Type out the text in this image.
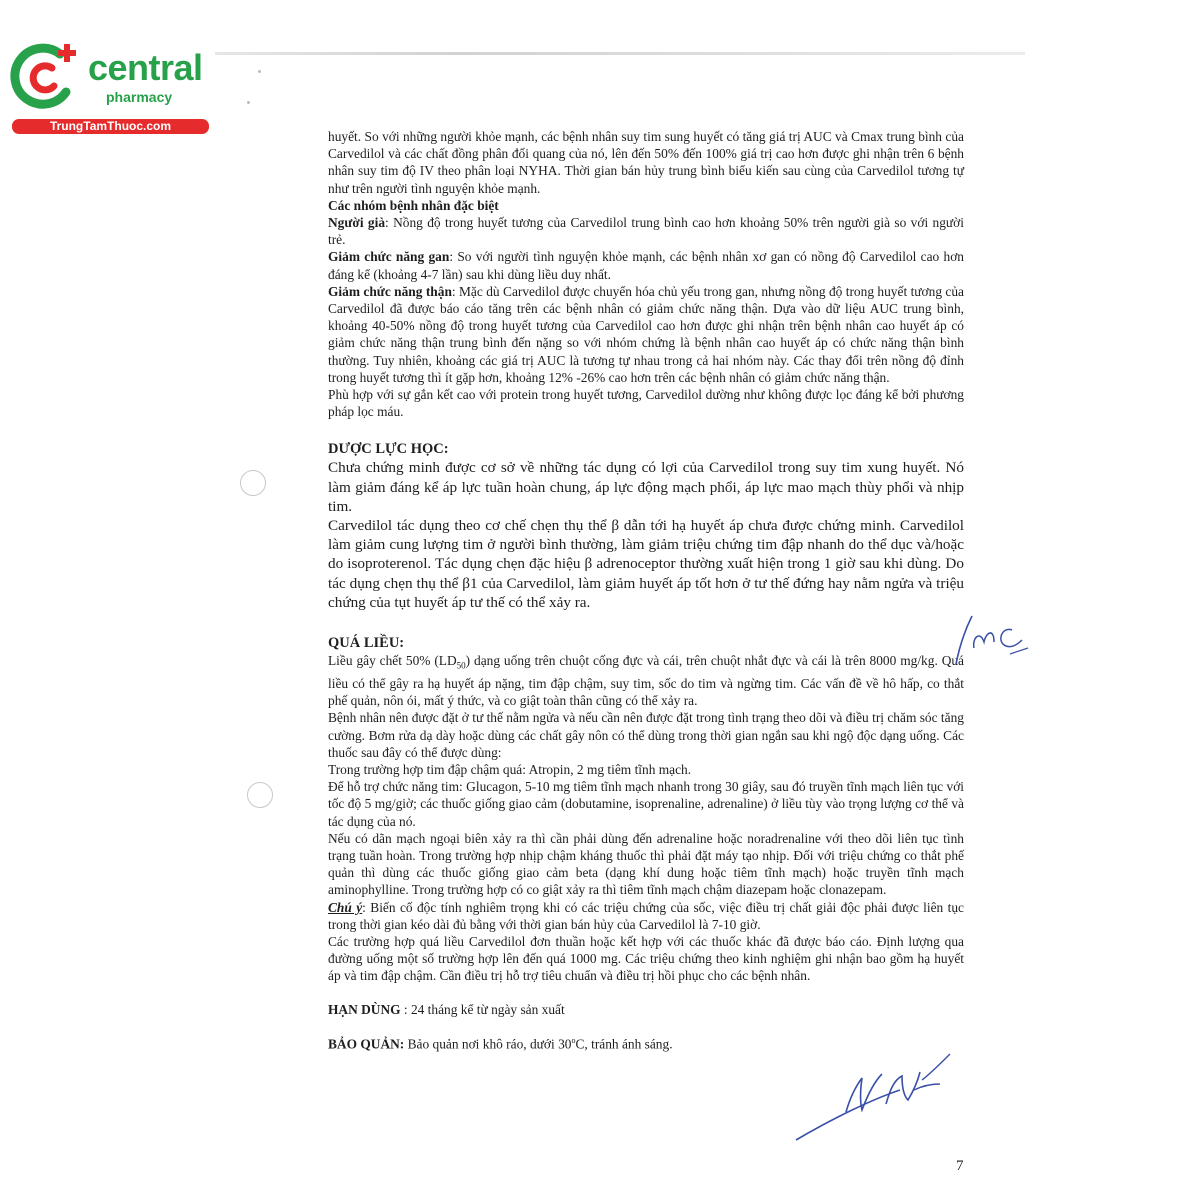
central
pharmacy
TrungTamThuoc.com

huyết. So với những người khỏe mạnh, các bệnh nhân suy tim sung huyết có tăng giá trị AUC và Cmax trung bình của Carvedilol và các chất đồng phân đối quang của nó, lên đến 50% đến 100% giá trị cao hơn được ghi nhận trên 6 bệnh nhân suy tim độ IV theo phân loại NYHA. Thời gian bán hủy trung bình biểu kiến sau cùng của Carvedilol tương tự như trên người tình nguyện khỏe mạnh.

Các nhóm bệnh nhân đặc biệt

Người già: Nồng độ trong huyết tương của Carvedilol trung bình cao hơn khoảng 50% trên người già so với người trẻ.

Giảm chức năng gan: So với người tình nguyện khỏe mạnh, các bệnh nhân xơ gan có nồng độ Carvedilol cao hơn đáng kể (khoảng 4-7 lần) sau khi dùng liều duy nhất.

Giảm chức năng thận: Mặc dù Carvedilol được chuyển hóa chủ yếu trong gan, nhưng nồng độ trong huyết tương của Carvedilol đã được báo cáo tăng trên các bệnh nhân có giảm chức năng thận. Dựa vào dữ liệu AUC trung bình, khoảng 40-50% nồng độ trong huyết tương của Carvedilol cao hơn được ghi nhận trên bệnh nhân cao huyết áp có giảm chức năng thận trung bình đến nặng so với nhóm chứng là bệnh nhân cao huyết áp có chức năng thận bình thường. Tuy nhiên, khoảng các giá trị AUC là tương tự nhau trong cả hai nhóm này. Các thay đổi trên nồng độ đỉnh trong huyết tương thì ít gặp hơn, khoảng 12% -26% cao hơn trên các bệnh nhân có giảm chức năng thận.

Phù hợp với sự gắn kết cao với protein trong huyết tương, Carvedilol dường như không được lọc đáng kể bởi phương pháp lọc máu.

DƯỢC LỰC HỌC:

Chưa chứng minh được cơ sở về những tác dụng có lợi của Carvedilol trong suy tim xung huyết. Nó làm giảm đáng kể áp lực tuần hoàn chung, áp lực động mạch phổi, áp lực mao mạch thùy phổi và nhịp tim.

Carvedilol tác dụng theo cơ chế chẹn thụ thể β dẫn tới hạ huyết áp chưa được chứng minh. Carvedilol làm giảm cung lượng tim ở người bình thường, làm giảm triệu chứng tim đập nhanh do thể dục và/hoặc do isoproterenol. Tác dụng chẹn đặc hiệu β adrenoceptor thường xuất hiện trong 1 giờ sau khi dùng. Do tác dụng chẹn thụ thể β1 của Carvedilol, làm giảm huyết áp tốt hơn ở tư thế đứng hay nằm ngửa và triệu chứng của tụt huyết áp tư thế có thể xảy ra.

QUÁ LIỀU:

Liều gây chết 50% $(LD_{50})$ dạng uống trên chuột cống đực và cái, trên chuột nhắt đực và cái là trên 8000 mg/kg. Quá liều có thể gây ra hạ huyết áp nặng, tim đập chậm, suy tim, sốc do tim và ngừng tim. Các vấn đề về hô hấp, co thắt phế quản, nôn ói, mất ý thức, và co giật toàn thân cũng có thể xảy ra.

Bệnh nhân nên được đặt ở tư thế nằm ngửa và nếu cần nên được đặt trong tình trạng theo dõi và điều trị chăm sóc tăng cường. Bơm rửa dạ dày hoặc dùng các chất gây nôn có thể dùng trong thời gian ngắn sau khi ngộ độc dạng uống. Các thuốc sau đây có thể được dùng:

Trong trường hợp tim đập chậm quá: Atropin, 2 mg tiêm tĩnh mạch.

Để hỗ trợ chức năng tim: Glucagon, 5-10 mg tiêm tĩnh mạch nhanh trong 30 giây, sau đó truyền tĩnh mạch liên tục với tốc độ 5 mg/giờ; các thuốc giống giao cảm (dobutamine, isoprenaline, adrenaline) ở liều tùy vào trọng lượng cơ thể và tác dụng của nó.

Nếu có dãn mạch ngoại biên xảy ra thì cần phải dùng đến adrenaline hoặc noradrenaline với theo dõi liên tục tình trạng tuần hoàn. Trong trường hợp nhịp chậm kháng thuốc thì phải đặt máy tạo nhịp. Đối với triệu chứng co thắt phế quản thì dùng các thuốc giống giao cảm beta (dạng khí dung hoặc tiêm tĩnh mạch) hoặc truyền tĩnh mạch aminophylline. Trong trường hợp có co giật xảy ra thì tiêm tĩnh mạch chậm diazepam hoặc clonazepam.

Chú ý: Biến cố độc tính nghiêm trọng khi có các triệu chứng của sốc, việc điều trị chất giải độc phải được liên tục trong thời gian kéo dài đủ bằng với thời gian bán hủy của Carvedilol là 7-10 giờ.

Các trường hợp quá liều Carvedilol đơn thuần hoặc kết hợp với các thuốc khác đã được báo cáo. Định lượng qua đường uống một số trường hợp lên đến quá 1000 mg. Các triệu chứng theo kinh nghiệm ghi nhận bao gồm hạ huyết áp và tim đập chậm. Cần điều trị hỗ trợ tiêu chuẩn và điều trị hồi phục cho các bệnh nhân.

HẠN DÙNG : 24 tháng kể từ ngày sản xuất

BẢO QUẢN: Bảo quản nơi khô ráo, dưới 30$^o$C, tránh ánh sáng.

7
